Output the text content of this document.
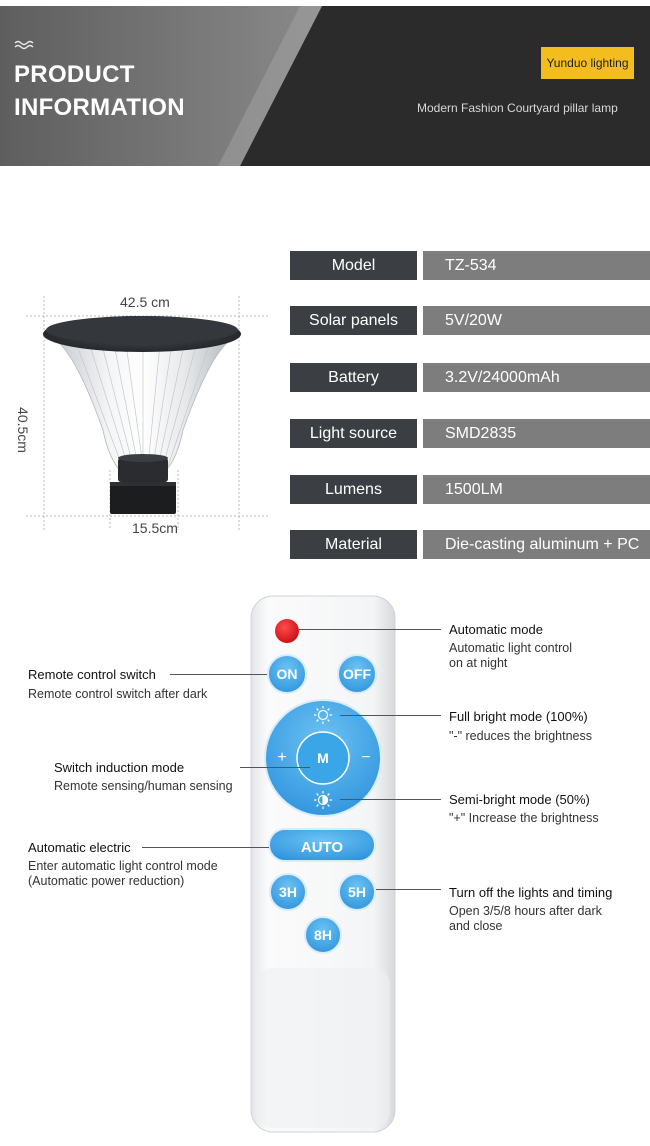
PRODUCT
INFORMATION
Yunduo lighting
Modern Fashion Courtyard pillar lamp
42.5 cm
40.5cm
15.5cm
Model	TZ-534
Solar panels	5V/20W
Battery	3.2V/24000mAh
Light source	SMD2835
Lumens	1500LM
Material	Die-casting aluminum + PC
ON	OFF
+	−
M
AUTO
3H	5H
8H
Automatic mode
Automatic light control
on at night
Remote control switch
Remote control switch after dark
Full bright mode (100%)
"-" reduces the brightness
Switch induction mode
Remote sensing/human sensing
Semi-bright mode (50%)
"+" Increase the brightness
Automatic electric
Enter automatic light control mode
(Automatic power reduction)
Turn off the lights and timing
Open 3/5/8 hours after dark
and close
